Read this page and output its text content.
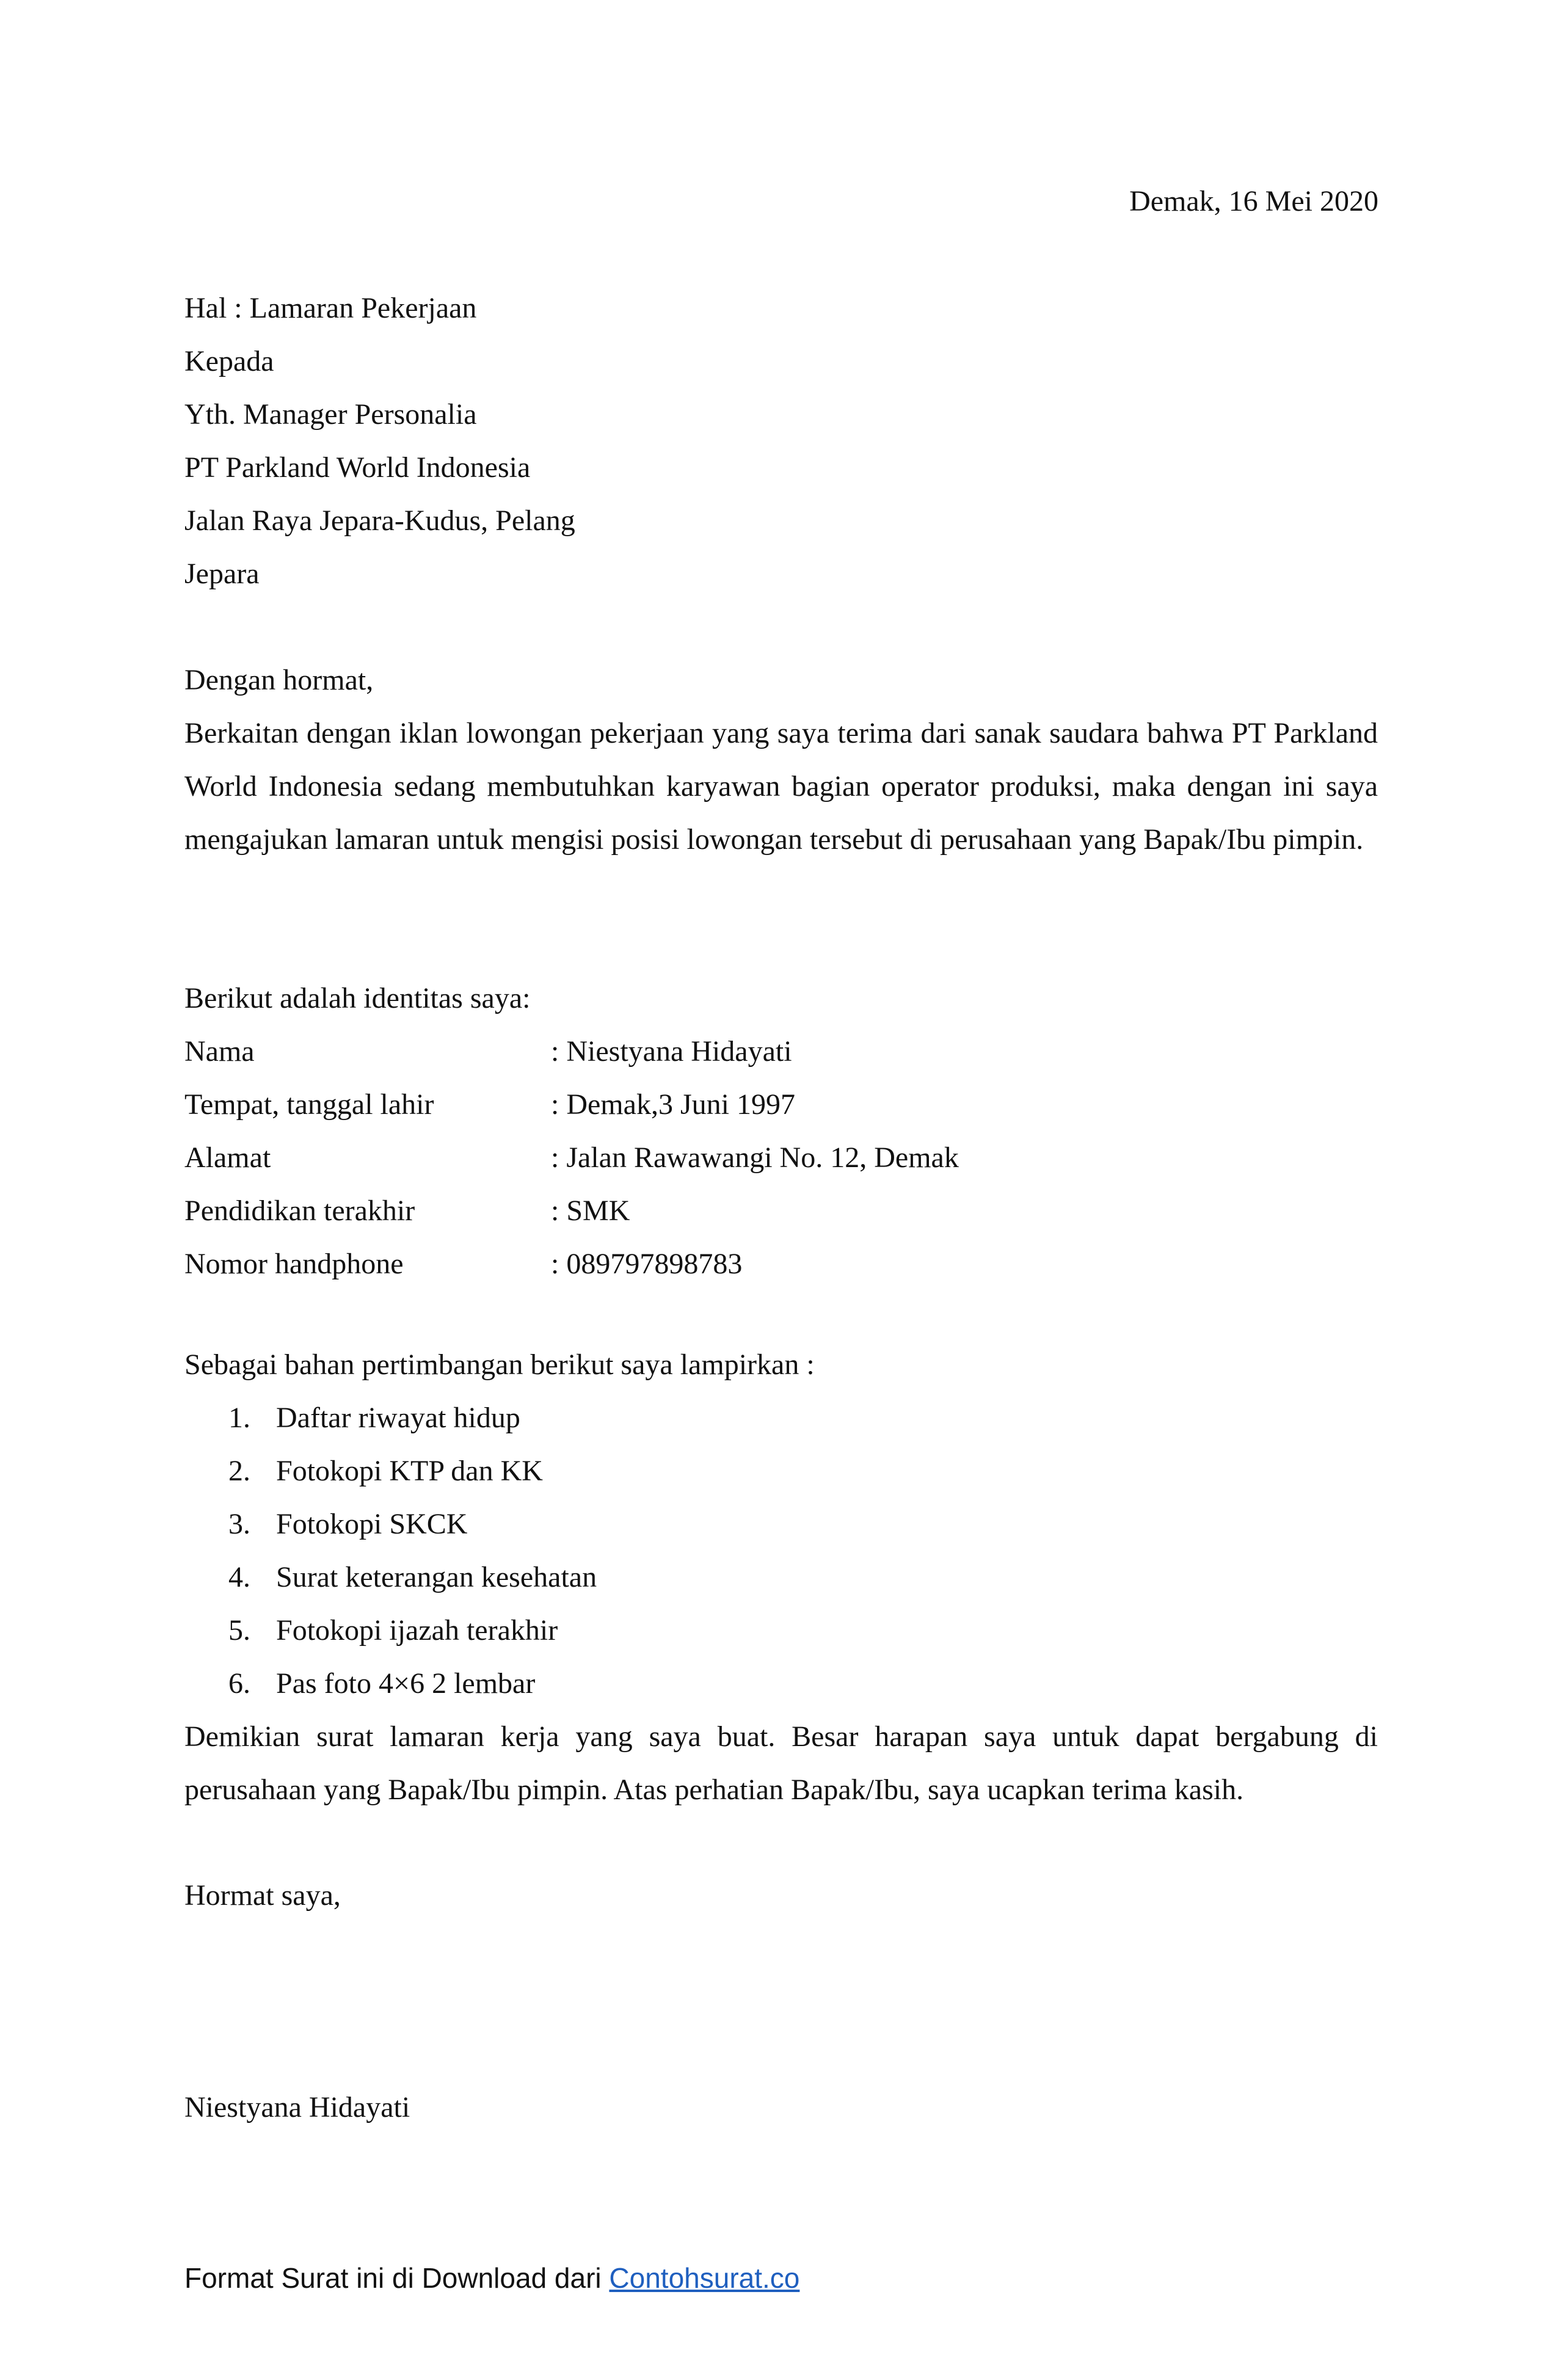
Demak, 16 Mei 2020
Hal : Lamaran Pekerjaan
Kepada
Yth. Manager Personalia
PT Parkland World Indonesia
Jalan Raya Jepara-Kudus, Pelang
Jepara
Dengan hormat,
Berkaitan dengan iklan lowongan pekerjaan yang saya terima dari sanak saudara bahwa PT Parkland World Indonesia sedang membutuhkan karyawan bagian operator produksi, maka dengan ini saya mengajukan lamaran untuk mengisi posisi lowongan tersebut di perusahaan yang Bapak/Ibu pimpin.
Berikut adalah identitas saya:
Nama	: Niestyana Hidayati
Tempat, tanggal lahir	: Demak,3 Juni 1997
Alamat	: Jalan Rawawangi No. 12, Demak
Pendidikan terakhir	: SMK
Nomor handphone	: 089797898783
Sebagai bahan pertimbangan berikut saya lampirkan :
1. Daftar riwayat hidup
2. Fotokopi KTP dan KK
3. Fotokopi SKCK
4. Surat keterangan kesehatan
5. Fotokopi ijazah terakhir
6. Pas foto 4×6 2 lembar
Demikian surat lamaran kerja yang saya buat. Besar harapan saya untuk dapat bergabung di perusahaan yang Bapak/Ibu pimpin. Atas perhatian Bapak/Ibu, saya ucapkan terima kasih.
Hormat saya,
Niestyana Hidayati
Format Surat ini di Download dari Contohsurat.co
